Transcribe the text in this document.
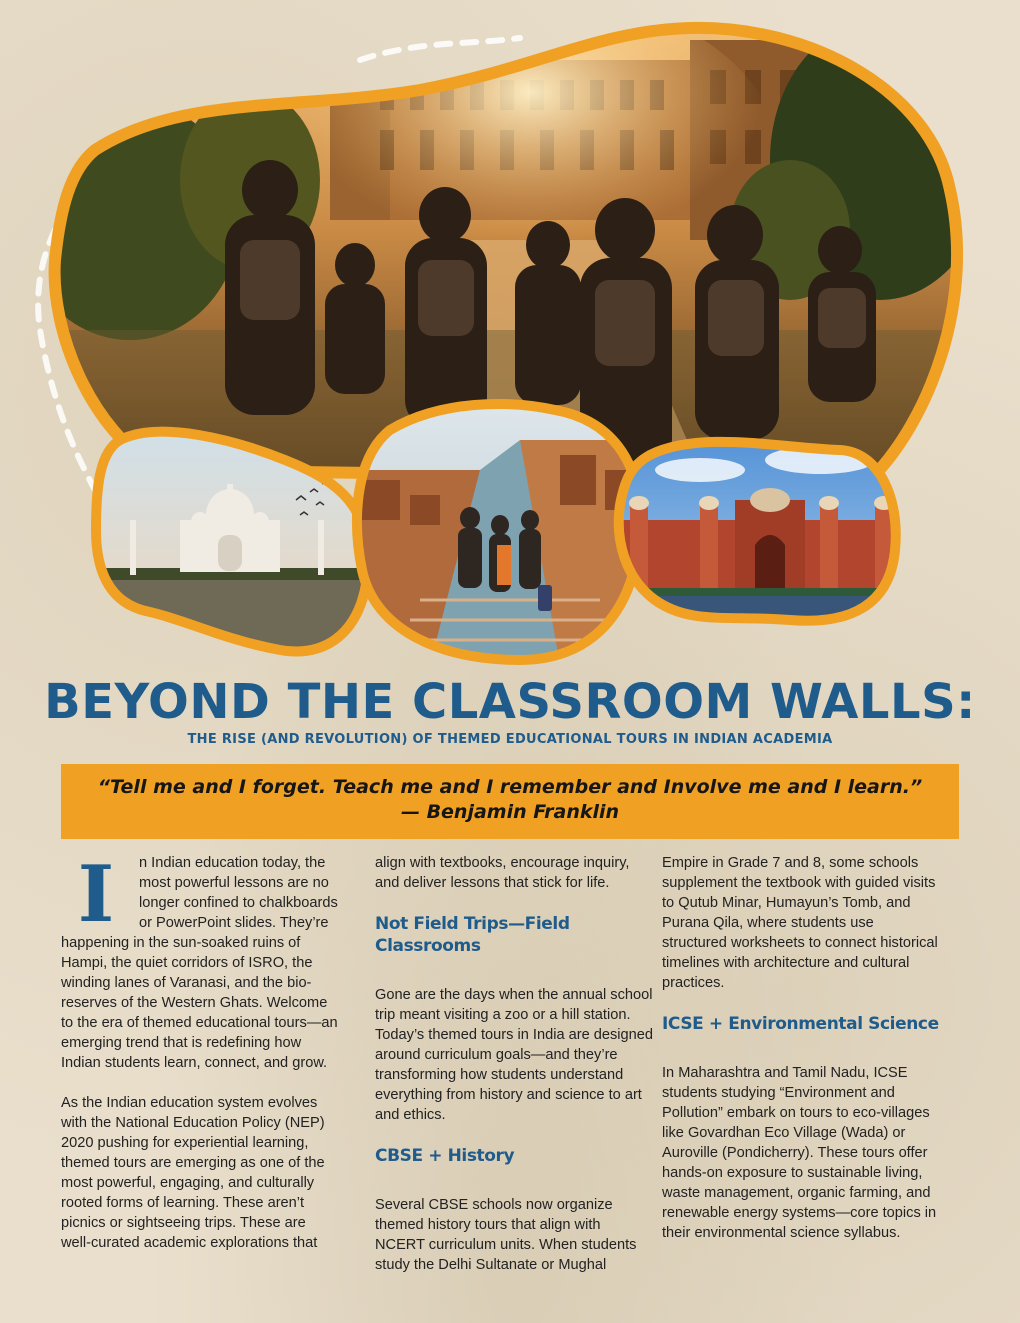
BEYOND THE CLASSROOM WALLS:
THE RISE (AND REVOLUTION) OF THEMED EDUCATIONAL TOURS IN INDIAN ACADEMIA
“Tell me and I forget. Teach me and I remember and Involve me and I learn.”
— Benjamin Franklin
I	n Indian education today, the most powerful lessons are no longer confined to chalkboards or PowerPoint slides. They’re happening in the sun-soaked ruins of Hampi, the quiet corridors of ISRO, the winding lanes of Varanasi, and the bio-reserves of the Western Ghats. Welcome to the era of themed educational tours—an emerging trend that is redefining how Indian students learn, connect, and grow.

As the Indian education system evolves with the National Education Policy (NEP) 2020 pushing for experiential learning, themed tours are emerging as one of the most powerful, engaging, and culturally rooted forms of learning. These aren’t picnics or sightseeing trips. These are well-curated academic explorations that

align with textbooks, encourage inquiry, and deliver lessons that stick for life.

Not Field Trips—Field Classrooms

Gone are the days when the annual school trip meant visiting a zoo or a hill station. Today’s themed tours in India are designed around curriculum goals—and they’re transforming how students understand everything from history and science to art and ethics.

CBSE + History

Several CBSE schools now organize themed history tours that align with NCERT curriculum units. When students study the Delhi Sultanate or Mughal

Empire in Grade 7 and 8, some schools supplement the textbook with guided visits to Qutub Minar, Humayun’s Tomb, and Purana Qila, where students use structured worksheets to connect historical timelines with architecture and cultural practices.

ICSE + Environmental Science

In Maharashtra and Tamil Nadu, ICSE students studying “Environment and Pollution” embark on tours to eco-villages like Govardhan Eco Village (Wada) or Auroville (Pondicherry). These tours offer hands-on exposure to sustainable living, waste management, organic farming, and renewable energy systems—core topics in their environmental science syllabus.
